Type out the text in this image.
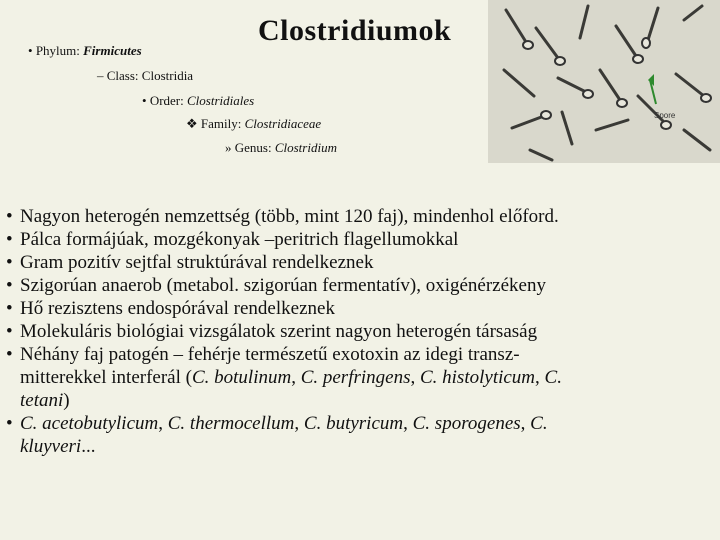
Clostridiumok
• Phylum: Firmicutes
– Class: Clostridia
• Order: Clostridiales
❖ Family: Clostridiaceae
» Genus: Clostridium
Spore
• Nagyon heterogén nemzettség (több, mint 120 faj), mindenhol előford.
• Pálca formájúak, mozgékonyak –peritrich flagellumokkal
• Gram pozitív sejtfal struktúrával rendelkeznek
• Szigorúan anaerob (metabol. szigorúan fermentatív), oxigénérzékeny
• Hő rezisztens endospórával rendelkeznek
• Molekuláris biológiai vizsgálatok szerint nagyon heterogén társaság
• Néhány faj patogén – fehérje természetű exotoxin az idegi transz-
mitterekkel interferál (C. botulinum, C. perfringens, C. histolyticum, C.
tetani)
• C. acetobutylicum, C. thermocellum, C. butyricum, C. sporogenes, C.
kluyveri...
